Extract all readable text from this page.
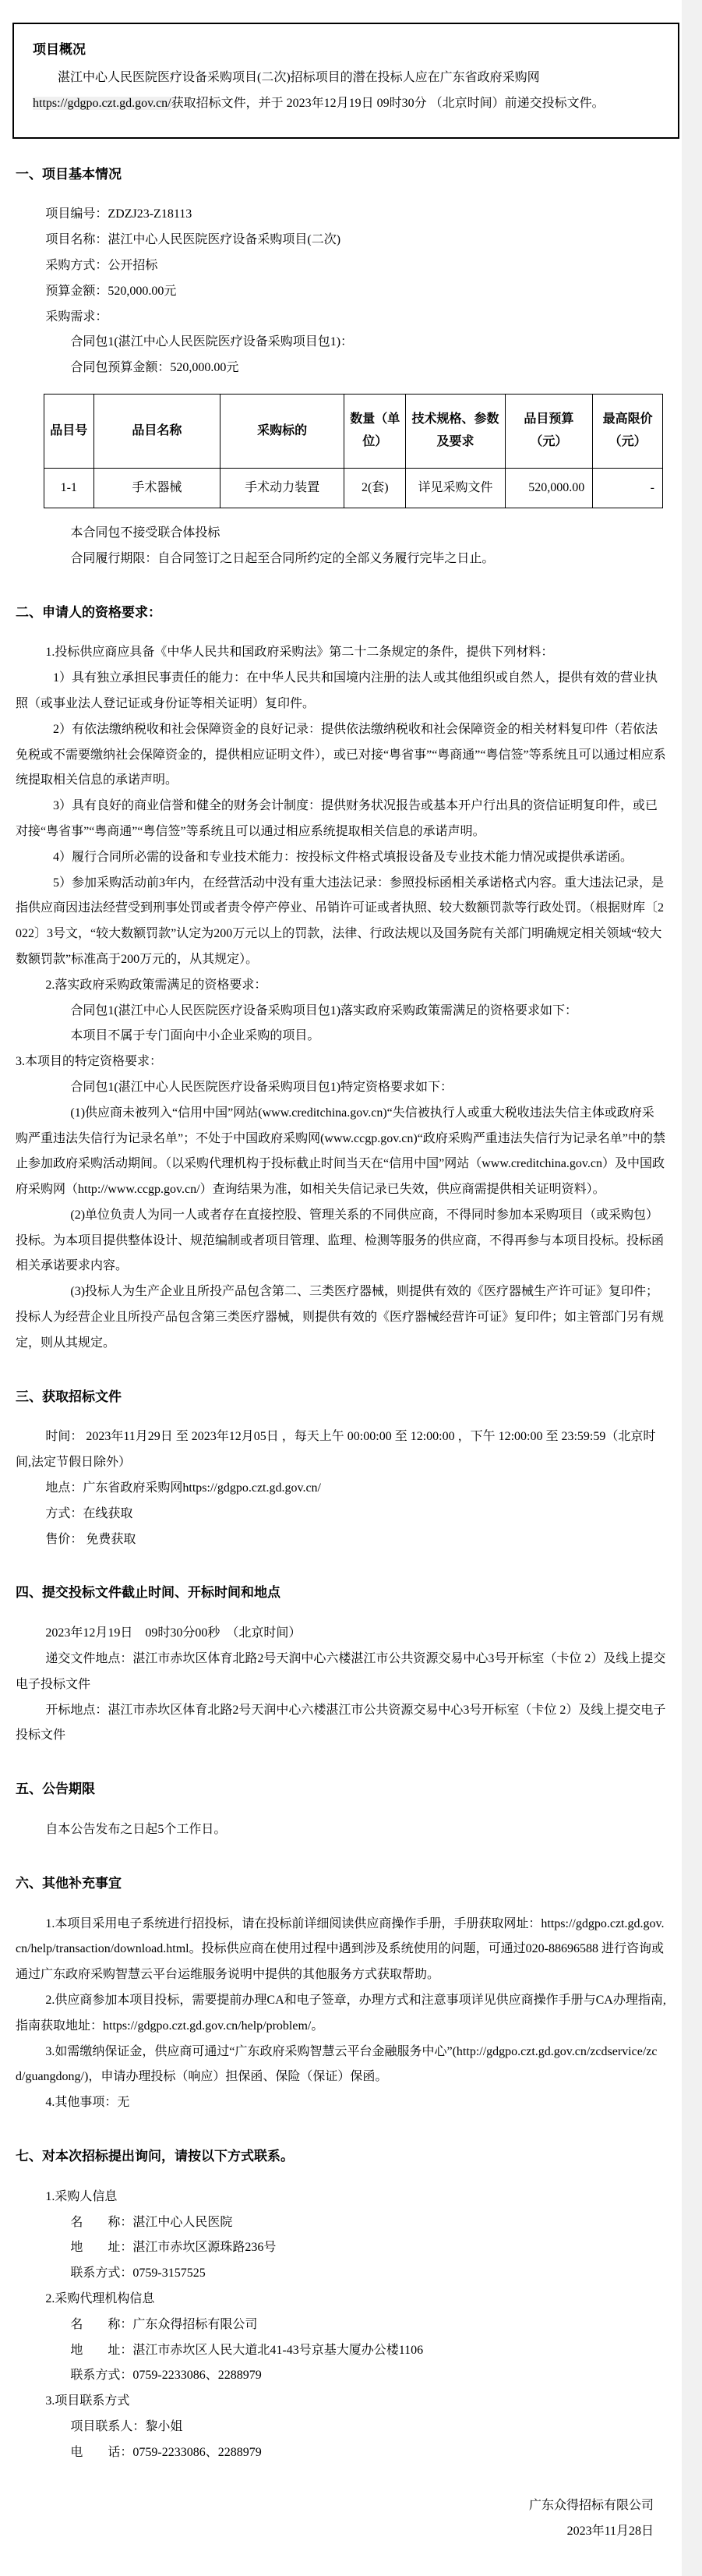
项目概况

湛江中心人民医院医疗设备采购项目(二次)招标项目的潜在投标人应在广东省政府采购网https://gdgpo.czt.gd.gov.cn/获取招标文件，并于 2023年12月19日 09时30分 （北京时间）前递交投标文件。

一、项目基本情况

项目编号：ZDZJ23-Z18113

项目名称：湛江中心人民医院医疗设备采购项目(二次)

采购方式：公开招标

预算金额：520,000.00元

采购需求：

合同包1(湛江中心人民医院医疗设备采购项目包1)：

合同包预算金额：520,000.00元

品目号	品目名称	采购标的	数量（单位）	技术规格、参数及要求	品目预算（元）	最高限价（元）
1-1	手术器械	手术动力装置	2(套)	详见采购文件	520,000.00	-

本合同包不接受联合体投标

合同履行期限：自合同签订之日起至合同所约定的全部义务履行完毕之日止。

二、申请人的资格要求：

1.投标供应商应具备《中华人民共和国政府采购法》第二十二条规定的条件，提供下列材料：

1）具有独立承担民事责任的能力：在中华人民共和国境内注册的法人或其他组织或自然人，提供有效的营业执照（或事业法人登记证或身份证等相关证明）复印件。

2）有依法缴纳税收和社会保障资金的良好记录：提供依法缴纳税收和社会保障资金的相关材料复印件（若依法免税或不需要缴纳社会保障资金的，提供相应证明文件），或已对接“粤省事”“粤商通”“粤信签”等系统且可以通过相应系统提取相关信息的承诺声明。

3）具有良好的商业信誉和健全的财务会计制度：提供财务状况报告或基本开户行出具的资信证明复印件，或已对接“粤省事”“粤商通”“粤信签”等系统且可以通过相应系统提取相关信息的承诺声明。

4）履行合同所必需的设备和专业技术能力：按投标文件格式填报设备及专业技术能力情况或提供承诺函。

5）参加采购活动前3年内，在经营活动中没有重大违法记录：参照投标函相关承诺格式内容。重大违法记录，是指供应商因违法经营受到刑事处罚或者责令停产停业、吊销许可证或者执照、较大数额罚款等行政处罚。（根据财库〔2022〕3号文，“较大数额罚款”认定为200万元以上的罚款，法律、行政法规以及国务院有关部门明确规定相关领域“较大数额罚款”标准高于200万元的，从其规定）。

2.落实政府采购政策需满足的资格要求：

合同包1(湛江中心人民医院医疗设备采购项目包1)落实政府采购政策需满足的资格要求如下：

本项目不属于专门面向中小企业采购的项目。

3.本项目的特定资格要求：

合同包1(湛江中心人民医院医疗设备采购项目包1)特定资格要求如下：

(1)供应商未被列入“信用中国”网站(www.creditchina.gov.cn)“失信被执行人或重大税收违法失信主体或政府采购严重违法失信行为记录名单”；不处于中国政府采购网(www.ccgp.gov.cn)“政府采购严重违法失信行为记录名单”中的禁止参加政府采购活动期间。（以采购代理机构于投标截止时间当天在“信用中国”网站（www.creditchina.gov.cn）及中国政府采购网（http://www.ccgp.gov.cn/）查询结果为准，如相关失信记录已失效，供应商需提供相关证明资料）。

(2)单位负责人为同一人或者存在直接控股、管理关系的不同供应商，不得同时参加本采购项目（或采购包）投标。为本项目提供整体设计、规范编制或者项目管理、监理、检测等服务的供应商，不得再参与本项目投标。投标函相关承诺要求内容。

(3)投标人为生产企业且所投产品包含第二、三类医疗器械，则提供有效的《医疗器械生产许可证》复印件；投标人为经营企业且所投产品包含第三类医疗器械，则提供有效的《医疗器械经营许可证》复印件；如主管部门另有规定，则从其规定。

三、获取招标文件

时间： 2023年11月29日 至 2023年12月05日 ，每天上午 00:00:00 至 12:00:00 ，下午 12:00:00 至 23:59:59（北京时间,法定节假日除外）

地点：广东省政府采购网https://gdgpo.czt.gd.gov.cn/

方式：在线获取

售价： 免费获取

四、提交投标文件截止时间、开标时间和地点

2023年12月19日　09时30分00秒　（北京时间）

递交文件地点：湛江市赤坎区体育北路2号天润中心六楼湛江市公共资源交易中心3号开标室（卡位 2）及线上提交电子投标文件

开标地点：湛江市赤坎区体育北路2号天润中心六楼湛江市公共资源交易中心3号开标室（卡位 2）及线上提交电子投标文件

五、公告期限

自本公告发布之日起5个工作日。

六、其他补充事宜

1.本项目采用电子系统进行招投标，请在投标前详细阅读供应商操作手册，手册获取网址：https://gdgpo.czt.gd.gov.cn/help/transaction/download.html。投标供应商在使用过程中遇到涉及系统使用的问题，可通过020-88696588 进行咨询或通过广东政府采购智慧云平台运维服务说明中提供的其他服务方式获取帮助。

2.供应商参加本项目投标，需要提前办理CA和电子签章，办理方式和注意事项详见供应商操作手册与CA办理指南,指南获取地址：https://gdgpo.czt.gd.gov.cn/help/problem/。

3.如需缴纳保证金，供应商可通过“广东政府采购智慧云平台金融服务中心”(http://gdgpo.czt.gd.gov.cn/zcdservice/zcd/guangdong/)，申请办理投标（响应）担保函、保险（保证）保函。

4.其他事项：无

七、对本次招标提出询问，请按以下方式联系。

1.采购人信息

名　　称：湛江中心人民医院

地　　址：湛江市赤坎区源珠路236号

联系方式：0759-3157525

2.采购代理机构信息

名　　称：广东众得招标有限公司

地　　址：湛江市赤坎区人民大道北41-43号京基大厦办公楼1106

联系方式：0759-2233086、2288979

3.项目联系方式

项目联系人：黎小姐

电　　话：0759-2233086、2288979

广东众得招标有限公司

2023年11月28日
